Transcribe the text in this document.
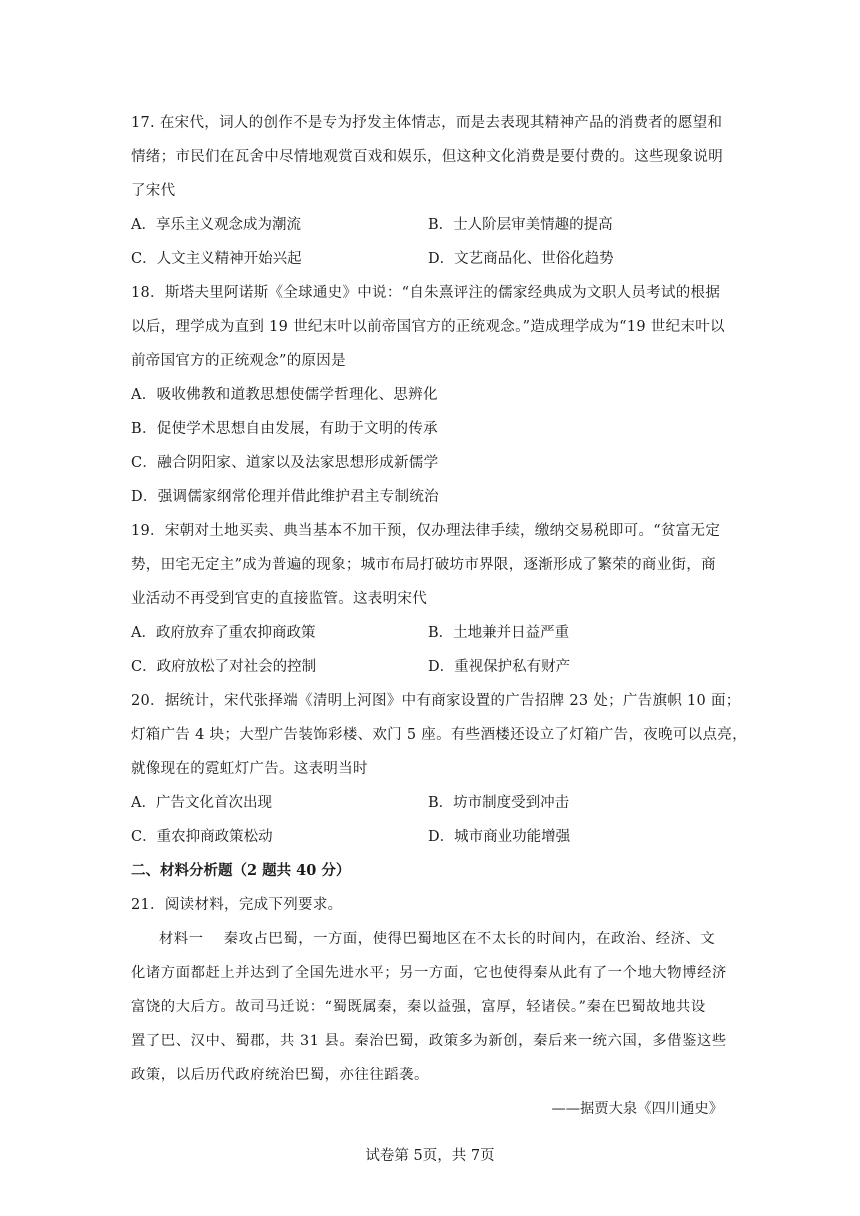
17. 在宋代，词人的创作不是专为抒发主体情志，而是去表现其精神产品的消费者的愿望和
情绪；市民们在瓦舍中尽情地观赏百戏和娱乐，但这种文化消费是要付费的。这些现象说明
了宋代
A．享乐主义观念成为潮流	B．士人阶层审美情趣的提高
C．人文主义精神开始兴起	D．文艺商品化、世俗化趋势
18．斯塔夫里阿诺斯《全球通史》中说：“自朱熹评注的儒家经典成为文职人员考试的根据
以后，理学成为直到 19 世纪末叶以前帝国官方的正统观念。”造成理学成为“19 世纪末叶以
前帝国官方的正统观念”的原因是
A．吸收佛教和道教思想使儒学哲理化、思辨化
B．促使学术思想自由发展，有助于文明的传承
C．融合阴阳家、道家以及法家思想形成新儒学
D．强调儒家纲常伦理并借此维护君主专制统治
19．宋朝对土地买卖、典当基本不加干预，仅办理法律手续，缴纳交易税即可。“贫富无定
势，田宅无定主”成为普遍的现象；城市布局打破坊市界限，逐渐形成了繁荣的商业街，商
业活动不再受到官吏的直接监管。这表明宋代
A．政府放弃了重农抑商政策	B．土地兼并日益严重
C．政府放松了对社会的控制	D．重视保护私有财产
20．据统计，宋代张择端《清明上河图》中有商家设置的广告招牌 23 处；广告旗帜 10 面；
灯箱广告 4 块；大型广告装饰彩楼、欢门 5 座。有些酒楼还设立了灯箱广告，夜晚可以点亮，
就像现在的霓虹灯广告。这表明当时
A．广告文化首次出现	B．坊市制度受到冲击
C．重农抑商政策松动	D．城市商业功能增强
二、材料分析题（2 题共 40 分）
21．阅读材料，完成下列要求。
材料一　 秦攻占巴蜀，一方面，使得巴蜀地区在不太长的时间内，在政治、经济、文
化诸方面都赶上并达到了全国先进水平；另一方面，它也使得秦从此有了一个地大物博经济
富饶的大后方。故司马迁说：“蜀既属秦，秦以益强，富厚，轻诸侯。”秦在巴蜀故地共设
置了巴、汉中、蜀郡，共 31 县。秦治巴蜀，政策多为新创，秦后来一统六国，多借鉴这些
政策，以后历代政府统治巴蜀，亦往往蹈袭。
——据贾大泉《四川通史》
试卷第 5页，共 7页
